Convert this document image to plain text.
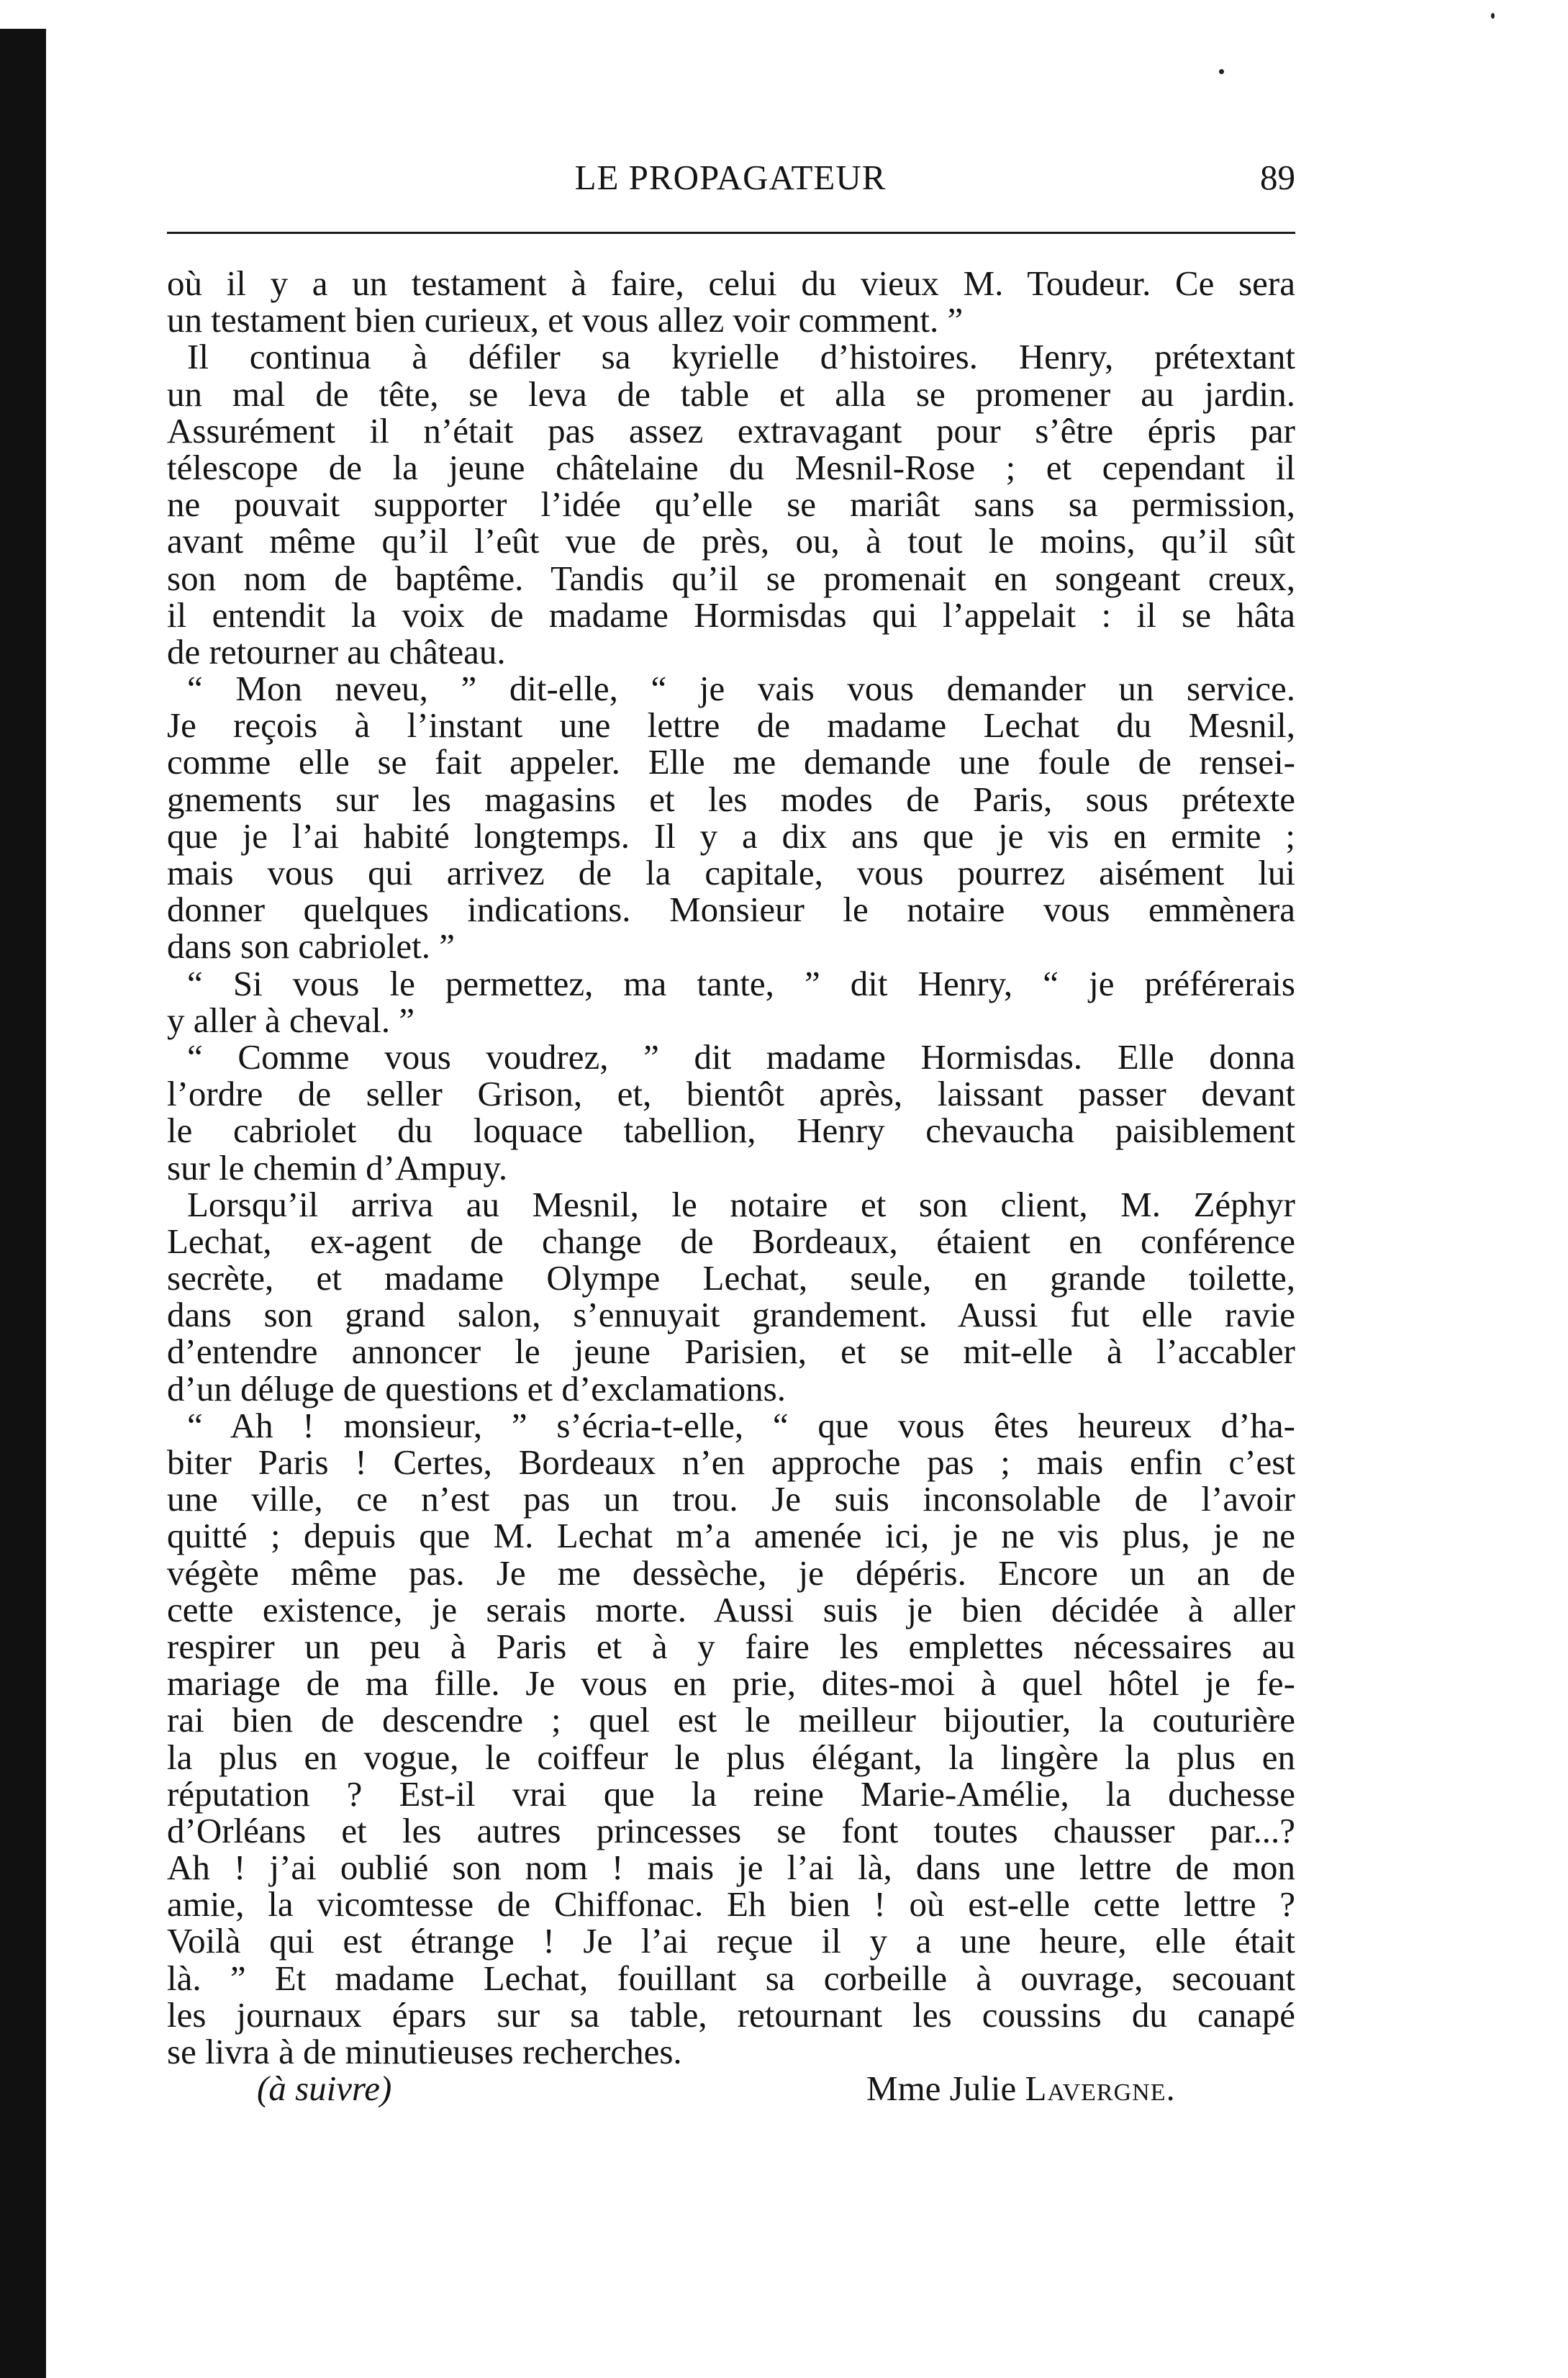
LE PROPAGATEUR	89
où il y a un testament à faire, celui du vieux M. Toudeur. Ce sera
un testament bien curieux, et vous allez voir comment. ”
Il continua à défiler sa kyrielle d’histoires. Henry, prétextant
un mal de tête, se leva de table et alla se promener au jardin.
Assurément il n’était pas assez extravagant pour s’être épris par
télescope de la jeune châtelaine du Mesnil-Rose ; et cependant il
ne pouvait supporter l’idée qu’elle se mariât sans sa permission,
avant même qu’il l’eût vue de près, ou, à tout le moins, qu’il sût
son nom de baptême. Tandis qu’il se promenait en songeant creux,
il entendit la voix de madame Hormisdas qui l’appelait : il se hâta
de retourner au château.
“ Mon neveu, ” dit-elle, “ je vais vous demander un service.
Je reçois à l’instant une lettre de madame Lechat du Mesnil,
comme elle se fait appeler. Elle me demande une foule de rensei-
gnements sur les magasins et les modes de Paris, sous prétexte
que je l’ai habité longtemps. Il y a dix ans que je vis en ermite ;
mais vous qui arrivez de la capitale, vous pourrez aisément lui
donner quelques indications. Monsieur le notaire vous emmènera
dans son cabriolet. ”
“ Si vous le permettez, ma tante, ” dit Henry, “ je préférerais
y aller à cheval. ”
“ Comme vous voudrez, ” dit madame Hormisdas. Elle donna
l’ordre de seller Grison, et, bientôt après, laissant passer devant
le cabriolet du loquace tabellion, Henry chevaucha paisiblement
sur le chemin d’Ampuy.
Lorsqu’il arriva au Mesnil, le notaire et son client, M. Zéphyr
Lechat, ex-agent de change de Bordeaux, étaient en conférence
secrète, et madame Olympe Lechat, seule, en grande toilette,
dans son grand salon, s’ennuyait grandement. Aussi fut elle ravie
d’entendre annoncer le jeune Parisien, et se mit-elle à l’accabler
d’un déluge de questions et d’exclamations.
“ Ah ! monsieur, ” s’écria-t-elle, “ que vous êtes heureux d’ha-
biter Paris ! Certes, Bordeaux n’en approche pas ; mais enfin c’est
une ville, ce n’est pas un trou. Je suis inconsolable de l’avoir
quitté ; depuis que M. Lechat m’a amenée ici, je ne vis plus, je ne
végète même pas. Je me dessèche, je dépéris. Encore un an de
cette existence, je serais morte. Aussi suis je bien décidée à aller
respirer un peu à Paris et à y faire les emplettes nécessaires au
mariage de ma fille. Je vous en prie, dites-moi à quel hôtel je fe-
rai bien de descendre ; quel est le meilleur bijoutier, la couturière
la plus en vogue, le coiffeur le plus élégant, la lingère la plus en
réputation ? Est-il vrai que la reine Marie-Amélie, la duchesse
d’Orléans et les autres princesses se font toutes chausser par...?
Ah ! j’ai oublié son nom ! mais je l’ai là, dans une lettre de mon
amie, la vicomtesse de Chiffonac. Eh bien ! où est-elle cette lettre ?
Voilà qui est étrange ! Je l’ai reçue il y a une heure, elle était
là. ” Et madame Lechat, fouillant sa corbeille à ouvrage, secouant
les journaux épars sur sa table, retournant les coussins du canapé
se livra à de minutieuses recherches.
(à suivre)	Mme Julie Lavergne.
